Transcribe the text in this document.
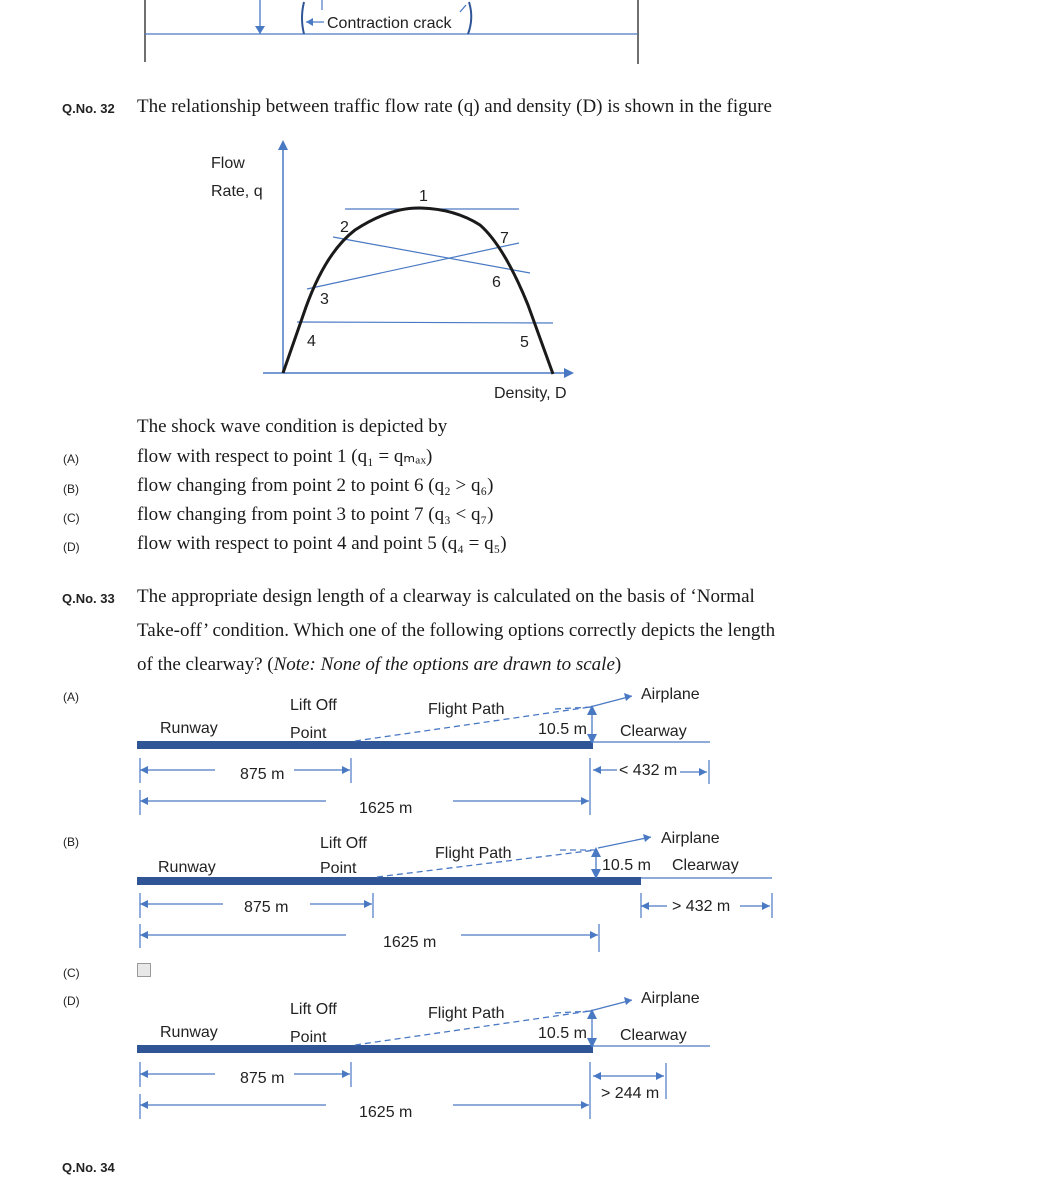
Contraction crack
Q.No. 32 The relationship between traffic flow rate (q) and density (D) is shown in the figure
Flow
Rate, q
Density, D
1
2
3
4	5
6
7
The shock wave condition is depicted by
(A)	flow with respect to point 1 (q₁ = qₘₐₓ)
(B)	flow changing from point 2 to point 6 (q₂ > q₆)
(C)	flow changing from point 3 to point 7 (q₃ < q₇)
(D)	flow with respect to point 4 and point 5 (q₄ = q₅)
Q.No. 33 The appropriate design length of a clearway is calculated on the basis of ‘Normal
Take-off’ condition. Which one of the following options correctly depicts the length
of the clearway? (Note: None of the options are drawn to scale)
(A)
Runway
Lift Off
Point
Flight Path
Airplane
Clearway
10.5 m
875 m
1625 m
< 432 m
(B)
Runway
Lift Off
Point
Flight Path
Airplane
Clearway
10.5 m
875 m
1625 m
> 432 m
(C)
(D)
Runway
Lift Off
Point
Flight Path
Airplane
Clearway
10.5 m
875 m
1625 m
> 244 m
Q.No. 34
